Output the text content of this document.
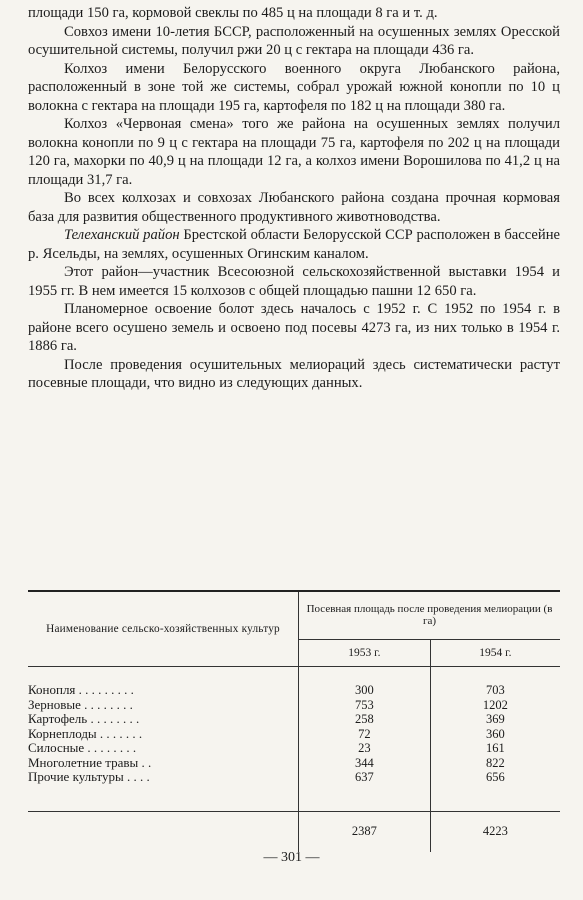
площади 150 га, кормовой свеклы по 485 ц на площади 8 га и т. д.

Совхоз имени 10-летия БССР, расположенный на осушенных землях Оресской осушительной системы, получил ржи 20 ц с гектара на площади 436 га.

Колхоз имени Белорусского военного округа Любанского района, расположенный в зоне той же системы, собрал урожай южной конопли по 10 ц волокна с гектара на площади 195 га, картофеля по 182 ц на площади 380 га.

Колхоз «Червоная смена» того же района на осушенных землях получил волокна конопли по 9 ц с гектара на площади 75 га, картофеля по 202 ц на площади 120 га, махорки по 40,9 ц на площади 12 га, а колхоз имени Ворошилова по 41,2 ц на площади 31,7 га.

Во всех колхозах и совхозах Любанского района создана прочная кормовая база для развития общественного продуктивного животноводства.

Телеханский район Брестской области Белорусской ССР расположен в бассейне р. Ясельды, на землях, осушенных Огинским каналом.

Этот район—участник Всесоюзной сельскохозяйственной выставки 1954 и 1955 гг. В нем имеется 15 колхозов с общей площадью пашни 12 650 га.

Планомерное освоение болот здесь началось с 1952 г. С 1952 по 1954 г. в районе всего осушено земель и освоено под посевы 4273 га, из них только в 1954 г. 1886 га.

После проведения осушительных мелиораций здесь систематически растут посевные площади, что видно из следующих данных.

Наименование сельско-хозяйственных культур	Посевная площадь после проведения мелиорации (в га)	
	1953 г.	1954 г.

Конопля . . . . . . . . .	300	703
Зерновые . . . . . . . .	753	1202
Картофель . . . . . . . .	258	369
Корнеплоды . . . . . . .	72	360
Силосные . . . . . . . .	23	161
Многолетние травы . .	344	822
Прочие культуры . . . .	637	656

	2387	4223
— 301 —
